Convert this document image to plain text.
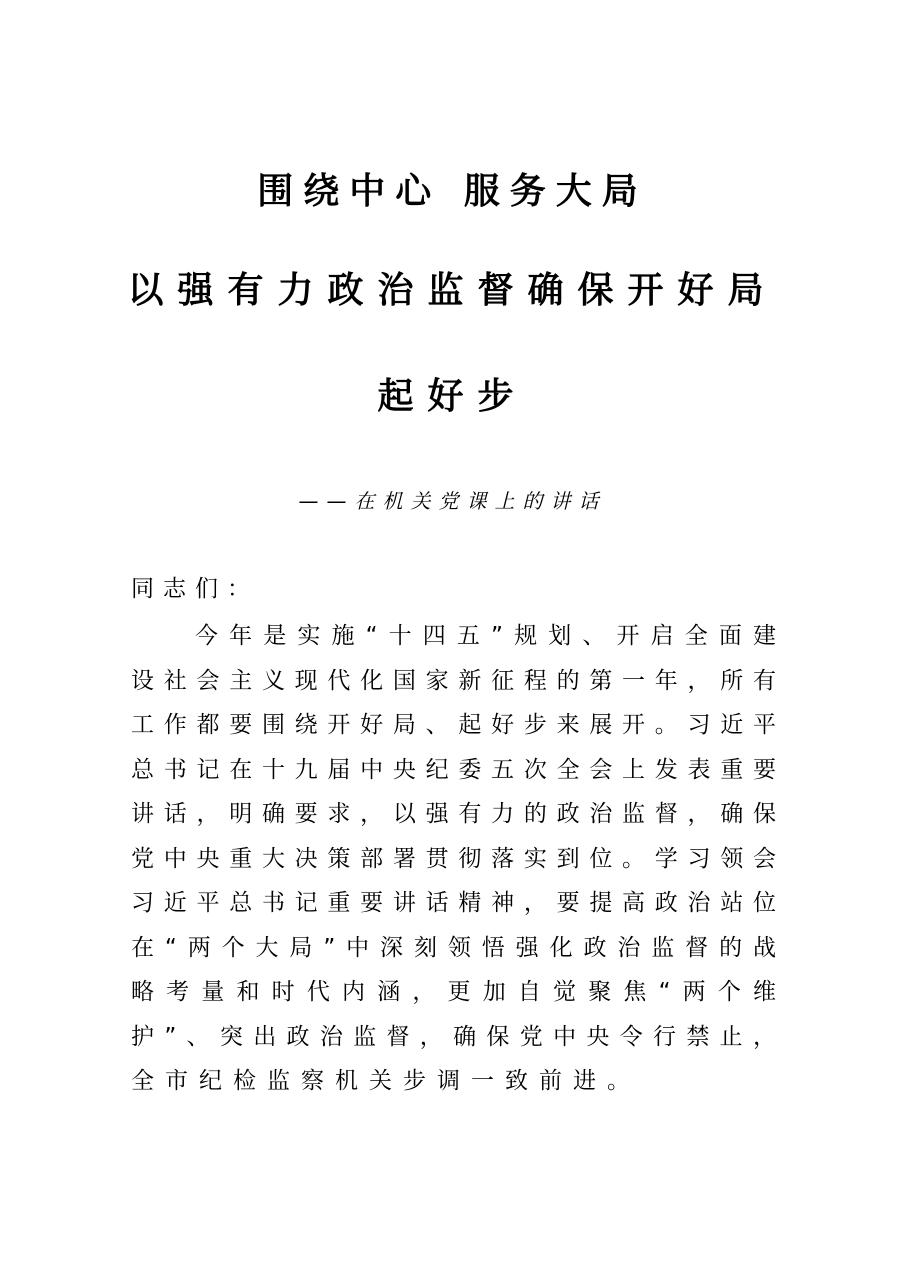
围绕中心 服务大局
以强有力政治监督确保开好局
起好步
——在机关党课上的讲话
同志们：
今年是实施“十四五”规划、开启全面建
设社会主义现代化国家新征程的第一年，所有
工作都要围绕开好局、起好步来展开。习近平
总书记在十九届中央纪委五次全会上发表重要
讲话，明确要求，以强有力的政治监督，确保
党中央重大决策部署贯彻落实到位。学习领会
习近平总书记重要讲话精神，要提高政治站位
在“两个大局”中深刻领悟强化政治监督的战
略考量和时代内涵，更加自觉聚焦“两个维
护”、突出政治监督，确保党中央令行禁止，
全市纪检监察机关步调一致前进。
